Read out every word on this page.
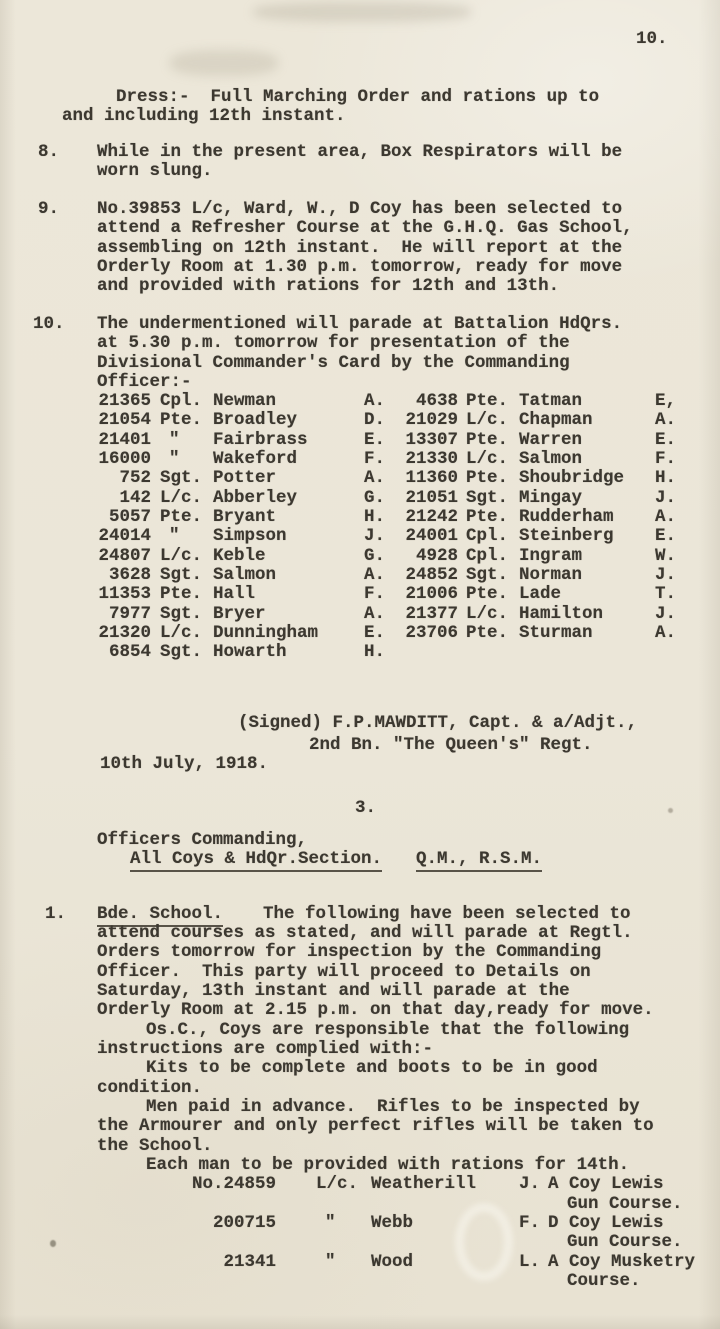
10.
Dress:-  Full Marching Order and rations up to
and including 12th instant.
8. While in the present area, Box Respirators will be
worn slung.
9. No.39853 L/c, Ward, W., D Coy has been selected to
attend a Refresher Course at the G.H.Q. Gas School,
assembling on 12th instant.  He will report at the
Orderly Room at 1.30 p.m. tomorrow, ready for move
and provided with rations for 12th and 13th.
10. The undermentioned will parade at Battalion HdQrs.
at 5.30 p.m. tomorrow for presentation of the
Divisional Commander's Card by the Commanding
Officer:-
21365 Cpl. Newman	A.	4638 Pte. Tatman	E,
21054 Pte. Broadley	D. 21029 L/c. Chapman	A.
21401 " Fairbrass	E. 13307 Pte. Warren	E.
16000 " Wakeford	F. 21330 L/c. Salmon	F.
752 Sgt. Potter	A. 11360 Pte. Shoubridge H.
142 L/c. Abberley	G. 21051 Sgt. Mingay	J.
5057 Pte. Bryant	H. 21242 Pte. Rudderham A.
24014 " Simpson	J. 24001 Cpl. Steinberg E.
24807 L/c. Keble	G.	4928 Cpl. Ingram	W.
3628 Sgt. Salmon	A. 24852 Sgt. Norman	J.
11353 Pte. Hall	F. 21006 Pte. Lade	T.
7977 Sgt. Bryer	A. 21377 L/c. Hamilton	J.
21320 L/c. Dunningham	E. 23706 Pte. Sturman	A.
6854 Sgt. Howarth	H.
(Signed) F.P.MAWDITT, Capt. & a/Adjt.,
2nd Bn. "The Queen's" Regt.
10th July, 1918.
3.
Officers Commanding,
All Coys & HdQr.Section. Q.M., R.S.M.
1. Bde. School. The following have been selected to
attend courses as stated, and will parade at Regtl.
Orders tomorrow for inspection by the Commanding
Officer.  This party will proceed to Details on
Saturday, 13th instant and will parade at the
Orderly Room at 2.15 p.m. on that day,ready for move.
Os.C., Coys are responsible that the following
instructions are complied with:-
Kits to be complete and boots to be in good
condition.
Men paid in advance.  Rifles to be inspected by
the Armourer and only perfect rifles will be taken to
the School.
Each man to be provided with rations for 14th.
No.24859 L/c. Weatherill J. A Coy Lewis
Gun Course.
200715	" Webb	F. D Coy Lewis
Gun Course.
21341	" Wood	L. A Coy Musketry
Course.
